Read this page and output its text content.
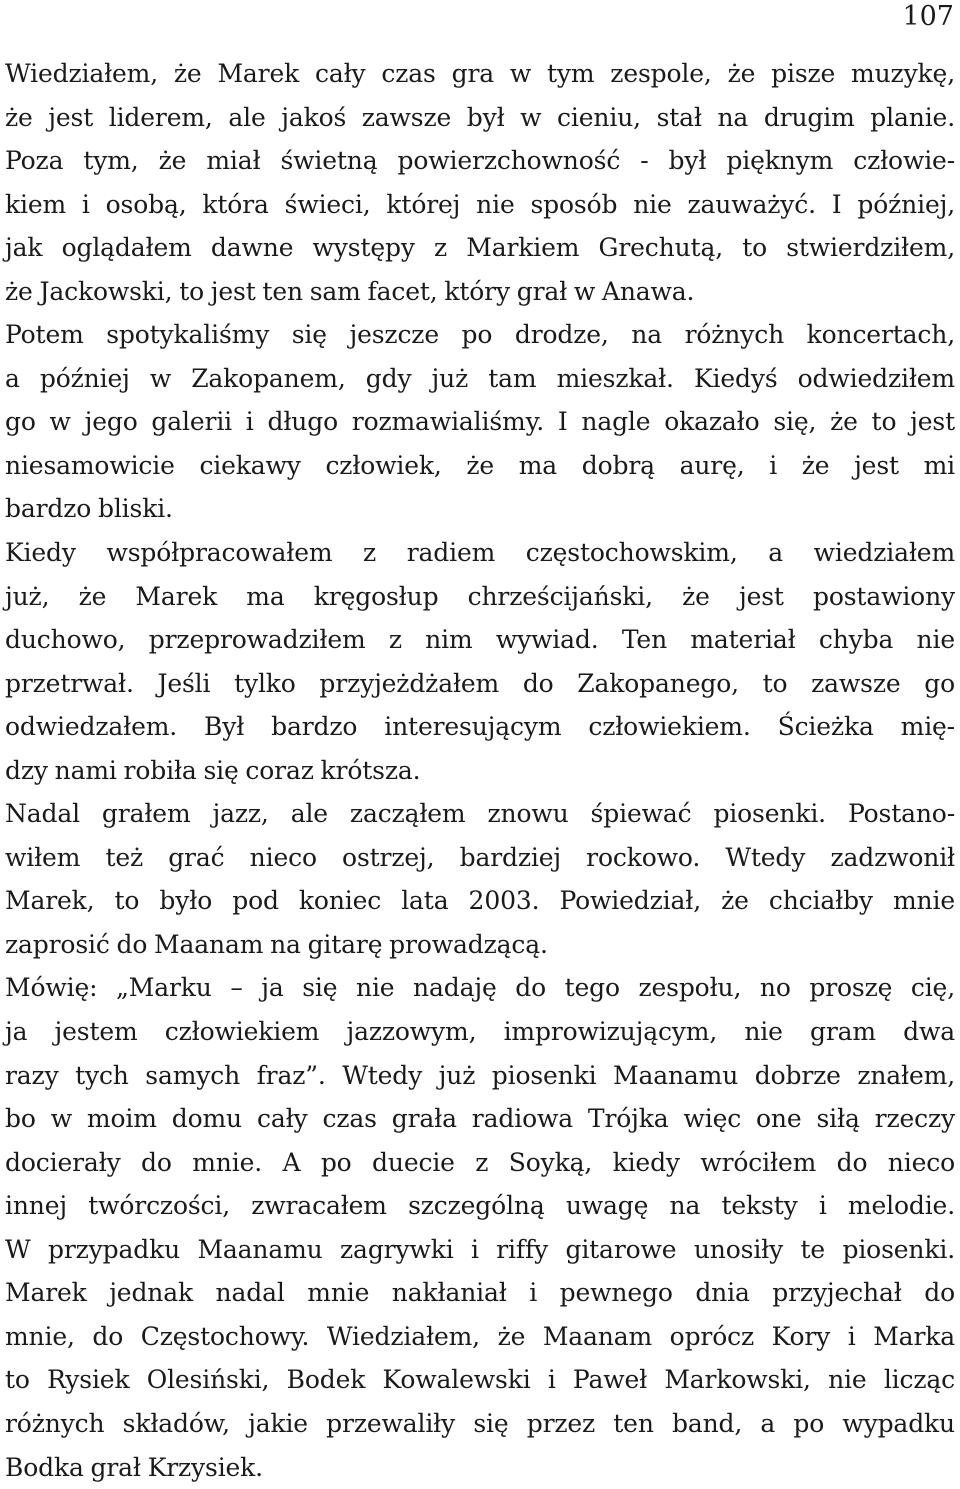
107
Wiedziałem, że Marek cały czas gra w tym zespole, że pisze muzykę,
że jest liderem, ale jakoś zawsze był w cieniu, stał na drugim planie.
Poza tym, że miał świetną powierzchowność - był pięknym człowie-
kiem i osobą, która świeci, której nie sposób nie zauważyć. I później,
jak oglądałem dawne występy z Markiem Grechutą, to stwierdziłem,
że Jackowski, to jest ten sam facet, który grał w Anawa.
Potem spotykaliśmy się jeszcze po drodze, na różnych koncertach,
a później w Zakopanem, gdy już tam mieszkał. Kiedyś odwiedziłem
go w jego galerii i długo rozmawialiśmy. I nagle okazało się, że to jest
niesamowicie ciekawy człowiek, że ma dobrą aurę, i że jest mi
bardzo bliski.
Kiedy współpracowałem z radiem częstochowskim, a wiedziałem
już, że Marek ma kręgosłup chrześcijański, że jest postawiony
duchowo, przeprowadziłem z nim wywiad. Ten materiał chyba nie
przetrwał. Jeśli tylko przyjeżdżałem do Zakopanego, to zawsze go
odwiedzałem. Był bardzo interesującym człowiekiem. Ścieżka mię-
dzy nami robiła się coraz krótsza.
Nadal grałem jazz, ale zacząłem znowu śpiewać piosenki. Postano-
wiłem też grać nieco ostrzej, bardziej rockowo. Wtedy zadzwonił
Marek, to było pod koniec lata 2003. Powiedział, że chciałby mnie
zaprosić do Maanam na gitarę prowadzącą.
Mówię: „Marku – ja się nie nadaję do tego zespołu, no proszę cię,
ja jestem człowiekiem jazzowym, improwizującym, nie gram dwa
razy tych samych fraz”. Wtedy już piosenki Maanamu dobrze znałem,
bo w moim domu cały czas grała radiowa Trójka więc one siłą rzeczy
docierały do mnie. A po duecie z Soyką, kiedy wróciłem do nieco
innej twórczości, zwracałem szczególną uwagę na teksty i melodie.
W przypadku Maanamu zagrywki i riffy gitarowe unosiły te piosenki.
Marek jednak nadal mnie nakłaniał i pewnego dnia przyjechał do
mnie, do Częstochowy. Wiedziałem, że Maanam oprócz Kory i Marka
to Rysiek Olesiński, Bodek Kowalewski i Paweł Markowski, nie licząc
różnych składów, jakie przewaliły się przez ten band, a po wypadku
Bodka grał Krzysiek.
